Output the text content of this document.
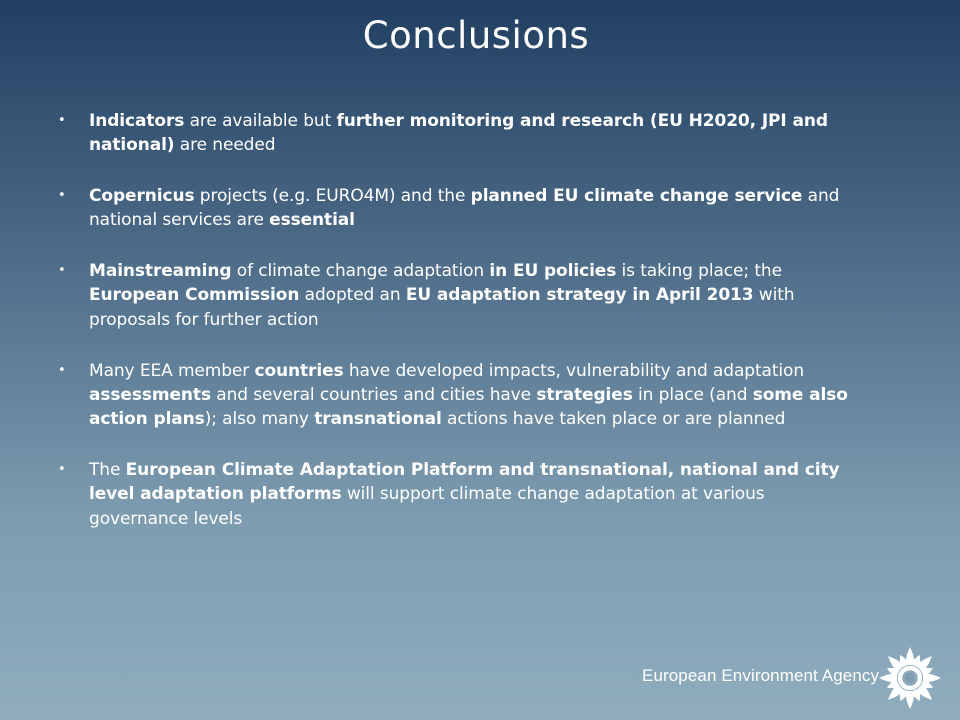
Conclusions
• Indicators are available but further monitoring and research (EU H2020, JPI and national) are needed
• Copernicus projects (e.g. EURO4M) and the planned EU climate change service and national services are essential
• Mainstreaming of climate change adaptation in EU policies is taking place; the European Commission adopted an EU adaptation strategy in April 2013 with proposals for further action
• Many EEA member countries have developed impacts, vulnerability and adaptation assessments and several countries and cities have strategies in place (and some also action plans); also many transnational actions have taken place or are planned
• The European Climate Adaptation Platform and transnational, national and city level adaptation platforms will support climate change adaptation at various governance levels
European Environment Agency
